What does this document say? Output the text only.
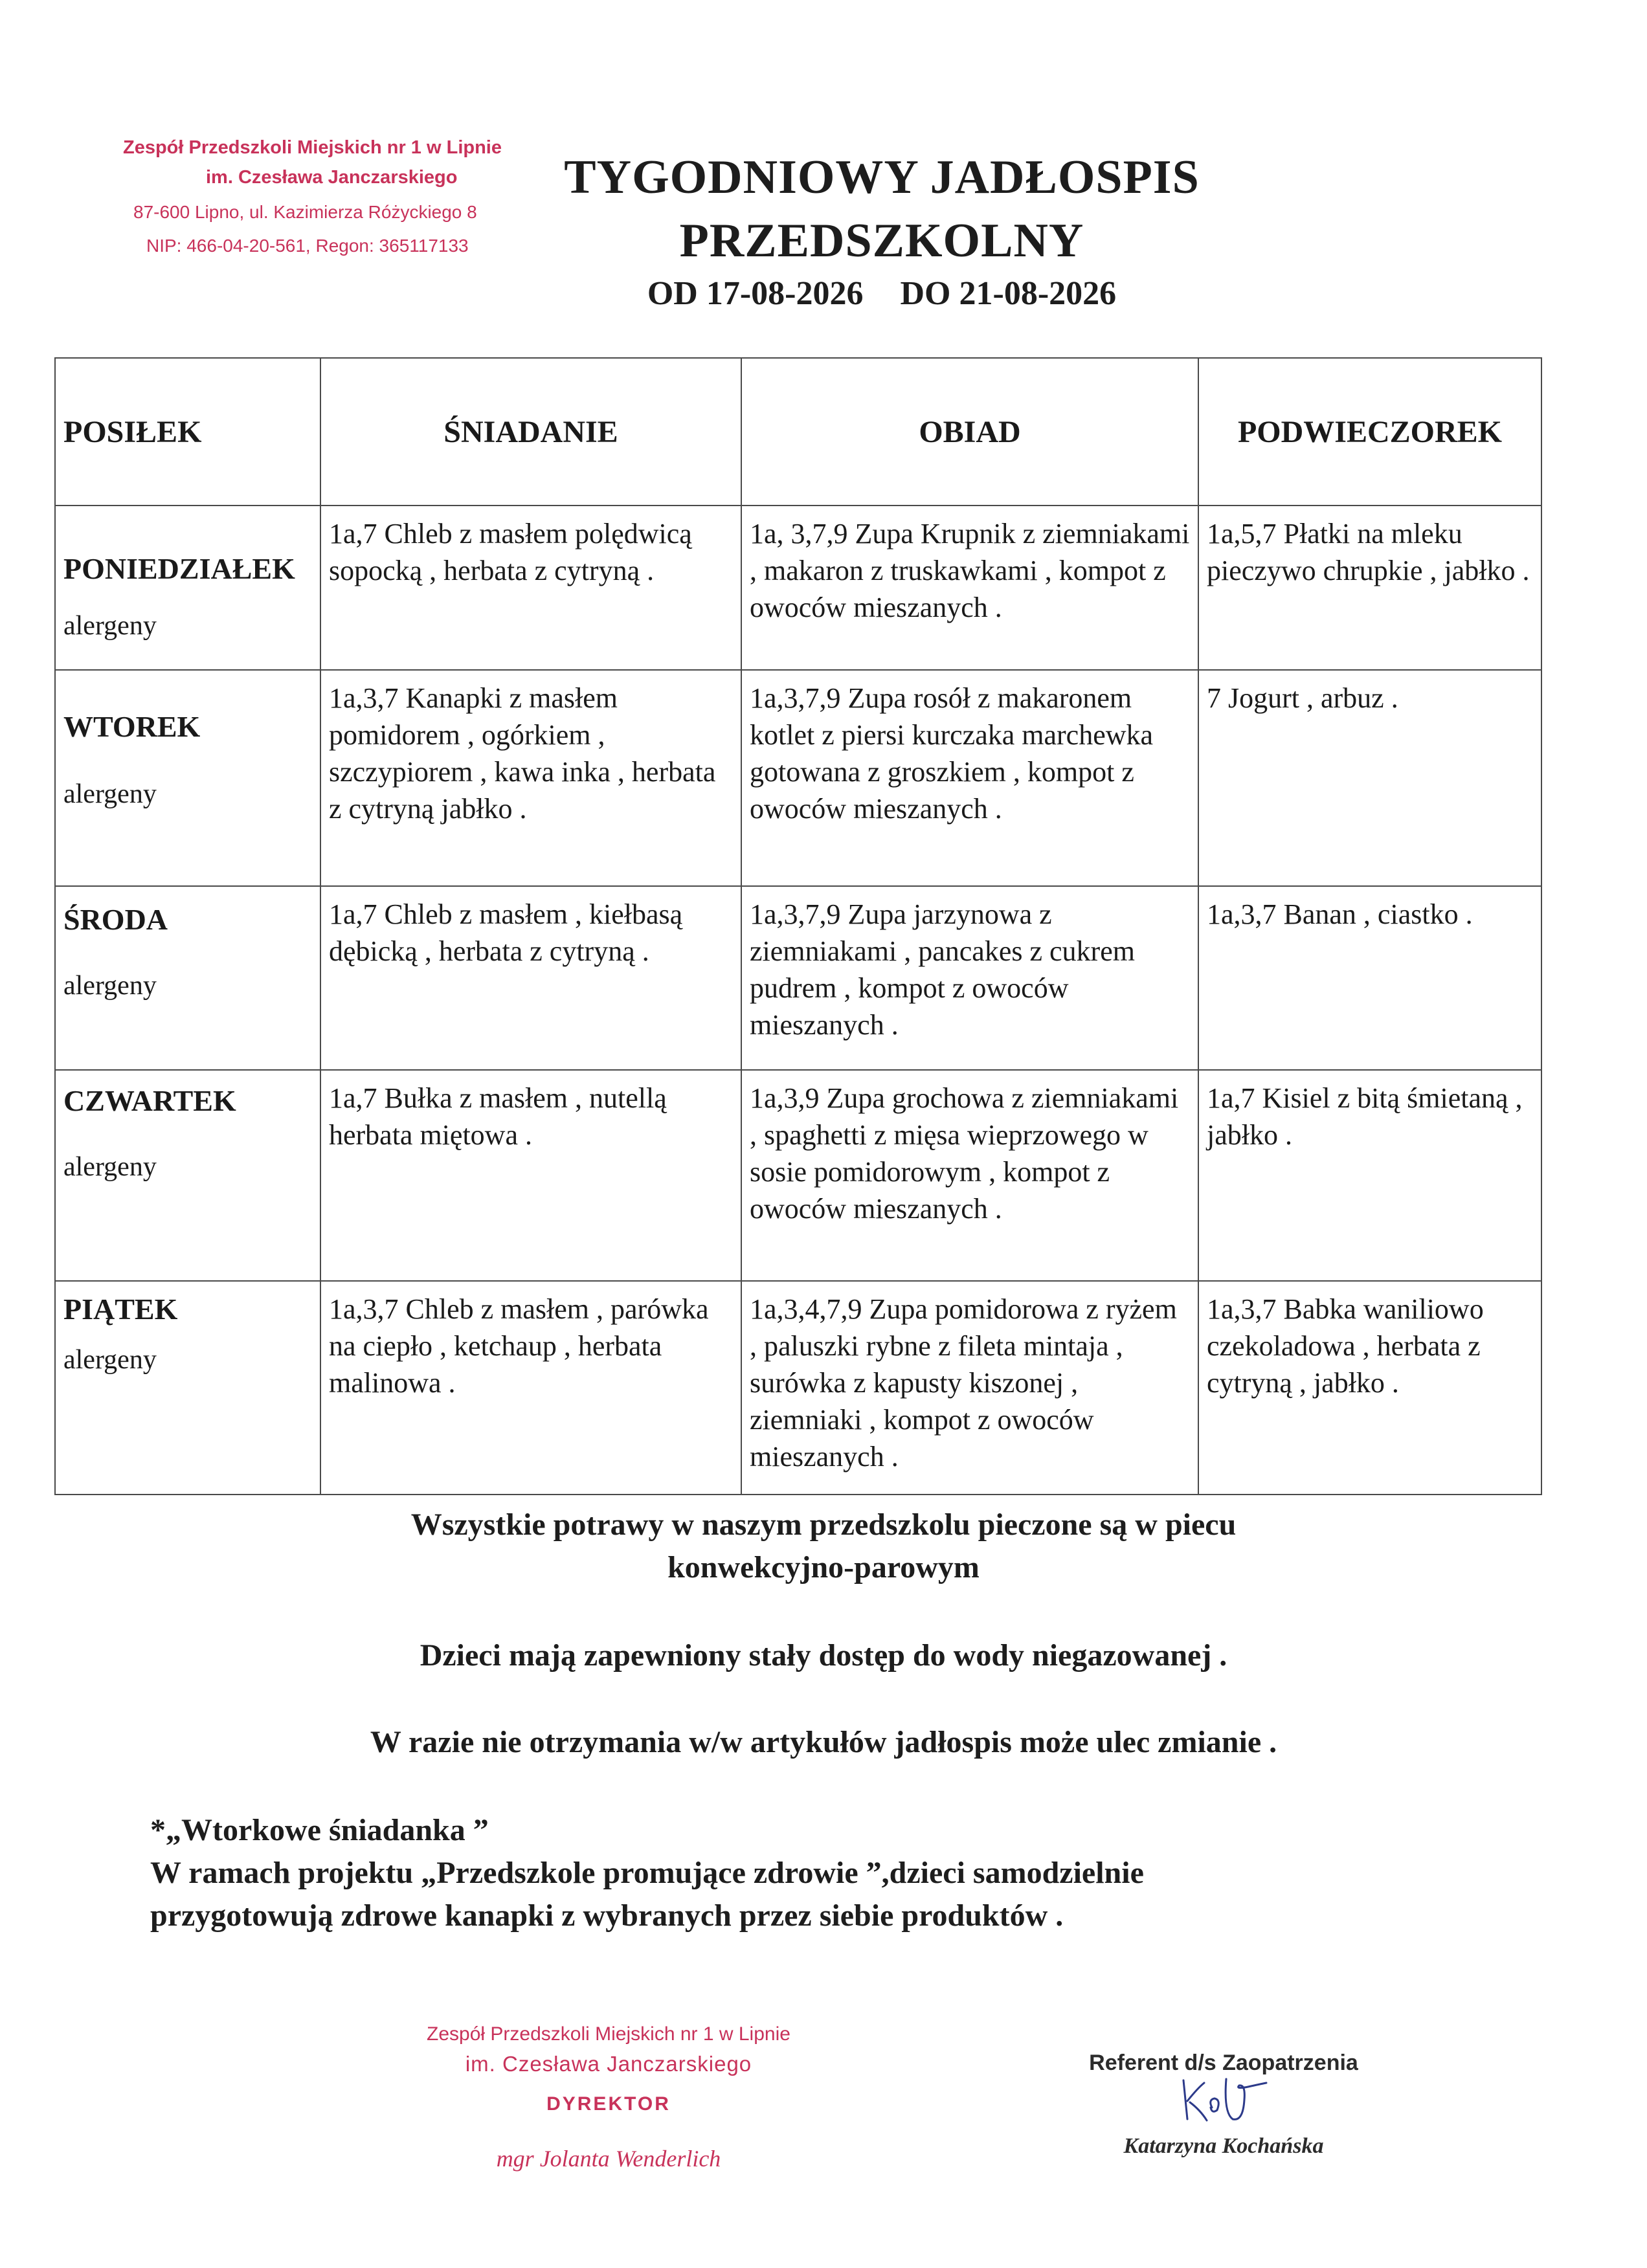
Zespół Przedszkoli Miejskich nr 1 w Lipnie
im. Czesława Janczarskiego
87-600 Lipno, ul. Kazimierza Różyckiego 8
NIP: 466-04-20-561, Regon: 365117133
TYGODNIOWY JADŁOSPIS
PRZEDSZKOLNY
OD 17-08-2026 DO 21-08-2026
POSIŁEK	ŚNIADANIE	OBIAD	PODWIECZOREK

PONIEDZIAŁEK
alergeny	1a,7 Chleb z masłem polędwicą sopocką , herbata z cytryną .	1a, 3,7,9 Zupa Krupnik z ziemniakami , makaron z truskawkami , kompot z owoców mieszanych .	1a,5,7 Płatki na mleku pieczywo chrupkie , jabłko .

WTOREK
alergeny	1a,3,7 Kanapki z masłem pomidorem , ogórkiem , szczypiorem , kawa inka , herbata z cytryną jabłko .	1a,3,7,9 Zupa rosół z makaronem kotlet z piersi kurczaka marchewka gotowana z groszkiem , kompot z owoców mieszanych .	7 Jogurt , arbuz .

ŚRODA
alergeny	1a,7 Chleb z masłem , kiełbasą dębicką , herbata z cytryną .	1a,3,7,9 Zupa jarzynowa z ziemniakami , pancakes z cukrem pudrem , kompot z owoców mieszanych .	1a,3,7 Banan , ciastko .

CZWARTEK
alergeny	1a,7 Bułka z masłem , nutellą herbata miętowa .	1a,3,9 Zupa grochowa z ziemniakami , spaghetti z mięsa wieprzowego w sosie pomidorowym , kompot z owoców mieszanych .	1a,7 Kisiel z bitą śmietaną , jabłko .

PIĄTEK
alergeny	1a,3,7 Chleb z masłem , parówka na ciepło , ketchaup , herbata malinowa .	1a,3,4,7,9 Zupa pomidorowa z ryżem , paluszki rybne z fileta mintaja , surówka z kapusty kiszonej , ziemniaki , kompot z owoców mieszanych .	1a,3,7 Babka waniliowo czekoladowa , herbata z cytryną , jabłko .
Wszystkie potrawy w naszym przedszkolu pieczone są w piecu
konwekcyjno-parowym
Dzieci mają zapewniony stały dostęp do wody niegazowanej .
W razie nie otrzymania w/w artykułów jadłospis może ulec zmianie .
*„Wtorkowe śniadanka ”
W ramach projektu „Przedszkole promujące zdrowie ”,dzieci samodzielnie
przygotowują zdrowe kanapki z wybranych przez siebie produktów .
Zespół Przedszkoli Miejskich nr 1 w Lipnie
im. Czesława Janczarskiego
DYREKTOR
mgr Jolanta Wenderlich
Referent d/s Zaopatrzenia
Katarzyna Kochańska
